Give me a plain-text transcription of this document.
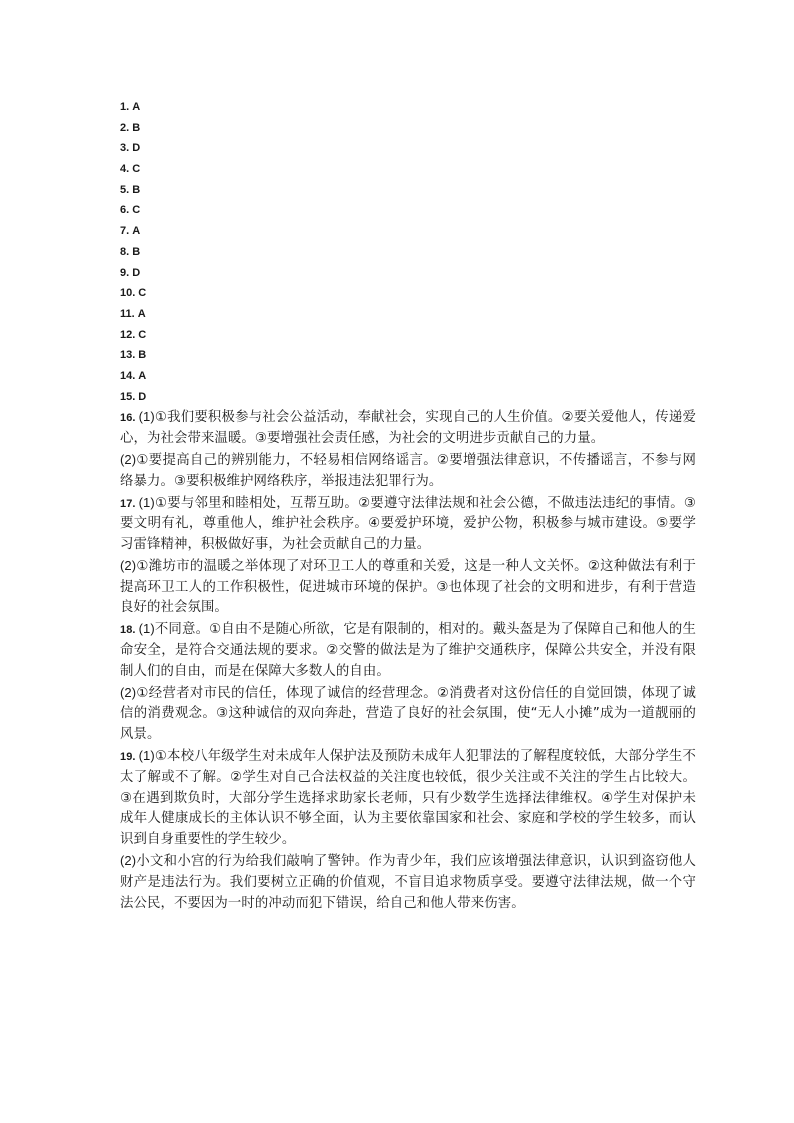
1. A
2. B
3. D
4. C
5. B
6. C
7. A
8. B
9. D
10. C
11. A
12. C
13. B
14. A
15. D

16. (1)①我们要积极参与社会公益活动，奉献社会，实现自己的人生价值。②要关爱他人，传递爱心，为社会带来温暖。③要增强社会责任感，为社会的文明进步贡献自己的力量。

(2)①要提高自己的辨别能力，不轻易相信网络谣言。②要增强法律意识，不传播谣言，不参与网络暴力。③要积极维护网络秩序，举报违法犯罪行为。

17. (1)①要与邻里和睦相处，互帮互助。②要遵守法律法规和社会公德，不做违法违纪的事情。③要文明有礼，尊重他人，维护社会秩序。④要爱护环境，爱护公物，积极参与城市建设。⑤要学习雷锋精神，积极做好事，为社会贡献自己的力量。

(2)①潍坊市的温暖之举体现了对环卫工人的尊重和关爱，这是一种人文关怀。②这种做法有利于提高环卫工人的工作积极性，促进城市环境的保护。③也体现了社会的文明和进步，有利于营造良好的社会氛围。

18. (1)不同意。①自由不是随心所欲，它是有限制的，相对的。戴头盔是为了保障自己和他人的生命安全，是符合交通法规的要求。②交警的做法是为了维护交通秩序，保障公共安全，并没有限制人们的自由，而是在保障大多数人的自由。

(2)①经营者对市民的信任，体现了诚信的经营理念。②消费者对这份信任的自觉回馈，体现了诚信的消费观念。③这种诚信的双向奔赴，营造了良好的社会氛围，使“无人小摊”成为一道靓丽的风景。

19. (1)①本校八年级学生对未成年人保护法及预防未成年人犯罪法的了解程度较低，大部分学生不太了解或不了解。②学生对自己合法权益的关注度也较低，很少关注或不关注的学生占比较大。③在遇到欺负时，大部分学生选择求助家长老师，只有少数学生选择法律维权。④学生对保护未成年人健康成长的主体认识不够全面，认为主要依靠国家和社会、家庭和学校的学生较多，而认识到自身重要性的学生较少。

(2)小文和小宫的行为给我们敲响了警钟。作为青少年，我们应该增强法律意识，认识到盗窃他人财产是违法行为。我们要树立正确的价值观，不盲目追求物质享受。要遵守法律法规，做一个守法公民，不要因为一时的冲动而犯下错误，给自己和他人带来伤害。
